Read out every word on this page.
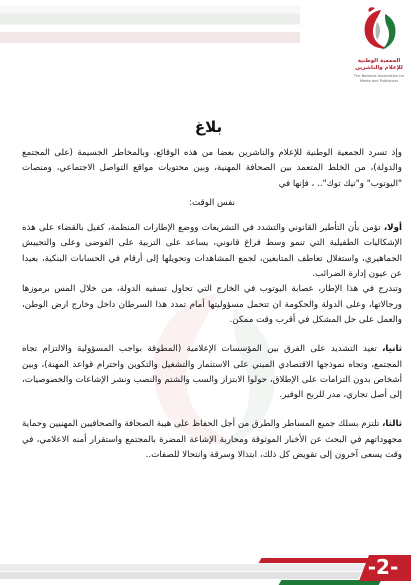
الجمعية الوطنية للإعلام والناشرين
The National Association for Media and Publishers
بلاغ

وإذ تسرد الجمعية الوطنية للإعلام والناشرين بعضا من هذه الوقائع، وبالمخاطر الجسيمة (على المجتمع والدولة)، من الخلط المتعمد بين الصحافة المهنية، وبين محتويات مواقع التواصل الاجتماعي، ومنصات "اليوتوب" و"تيك توك".. ، فإنها في

نفس الوقت:

أولا، تؤمن بأن التأطير القانوني والتشدد في التشريعات ووضع الإطارات المنظمة، كفيل بالقضاء على هذه الإشكاليات الطفيلية التي تنمو وسط فراغ قانوني، يساعد على التربية على الفوضى وعلى والتجييش الجماهيري، واستغلال تعاطف المتابعين، لجمع المشاهدات وتحويلها إلى أرقام في الحسابات البنكية، بعيدا عن عيون إدارة الضرائب.

وتندرج في هذا الإطار، عصابة اليوتوب في الخارج التي تحاول تسفيه الدولة، من خلال المس برموزها ورجالاتها، وعلى الدولة والحكومة ان تتحمل مسؤوليتها أمام تمدد هذا السرطان داخل وخارج ارض الوطن، والعمل على حل المشكل في أقرب وقت ممكن.

ثانيا، تعيد التشديد على الفرق بين المؤسسات الإعلامية (المطوقة بواجب المسؤولية والالتزام تجاه المجتمع، وتجاه نموذجها الاقتصادي المبني على الاستثمار والتشغيل والتكوين واحترام قواعد المهنة)، وبين أشخاص بدون التزامات على الإطلاق، حولوا الابتزاز والسب والشتم والنصب ونشر الإشاعات والخصوصيات، إلى أصل تجاري، مدر للربح الوفير.

ثالثا، تلتزم بسلك جميع المساطر والطرق من أجل الحفاظ على هيبة الصحافة والصحافيين المهنيين وحماية مجهوداتهم في البحث عن الأخبار الموثوقة ومحاربة الإشاعة المضرة بالمجتمع واستقرار أمنه الاعلامي، في وقت يسعى آخرون إلى تقويض كل ذلك، ابتذالا وسرقة وانتحالا للصفات..

-2-
